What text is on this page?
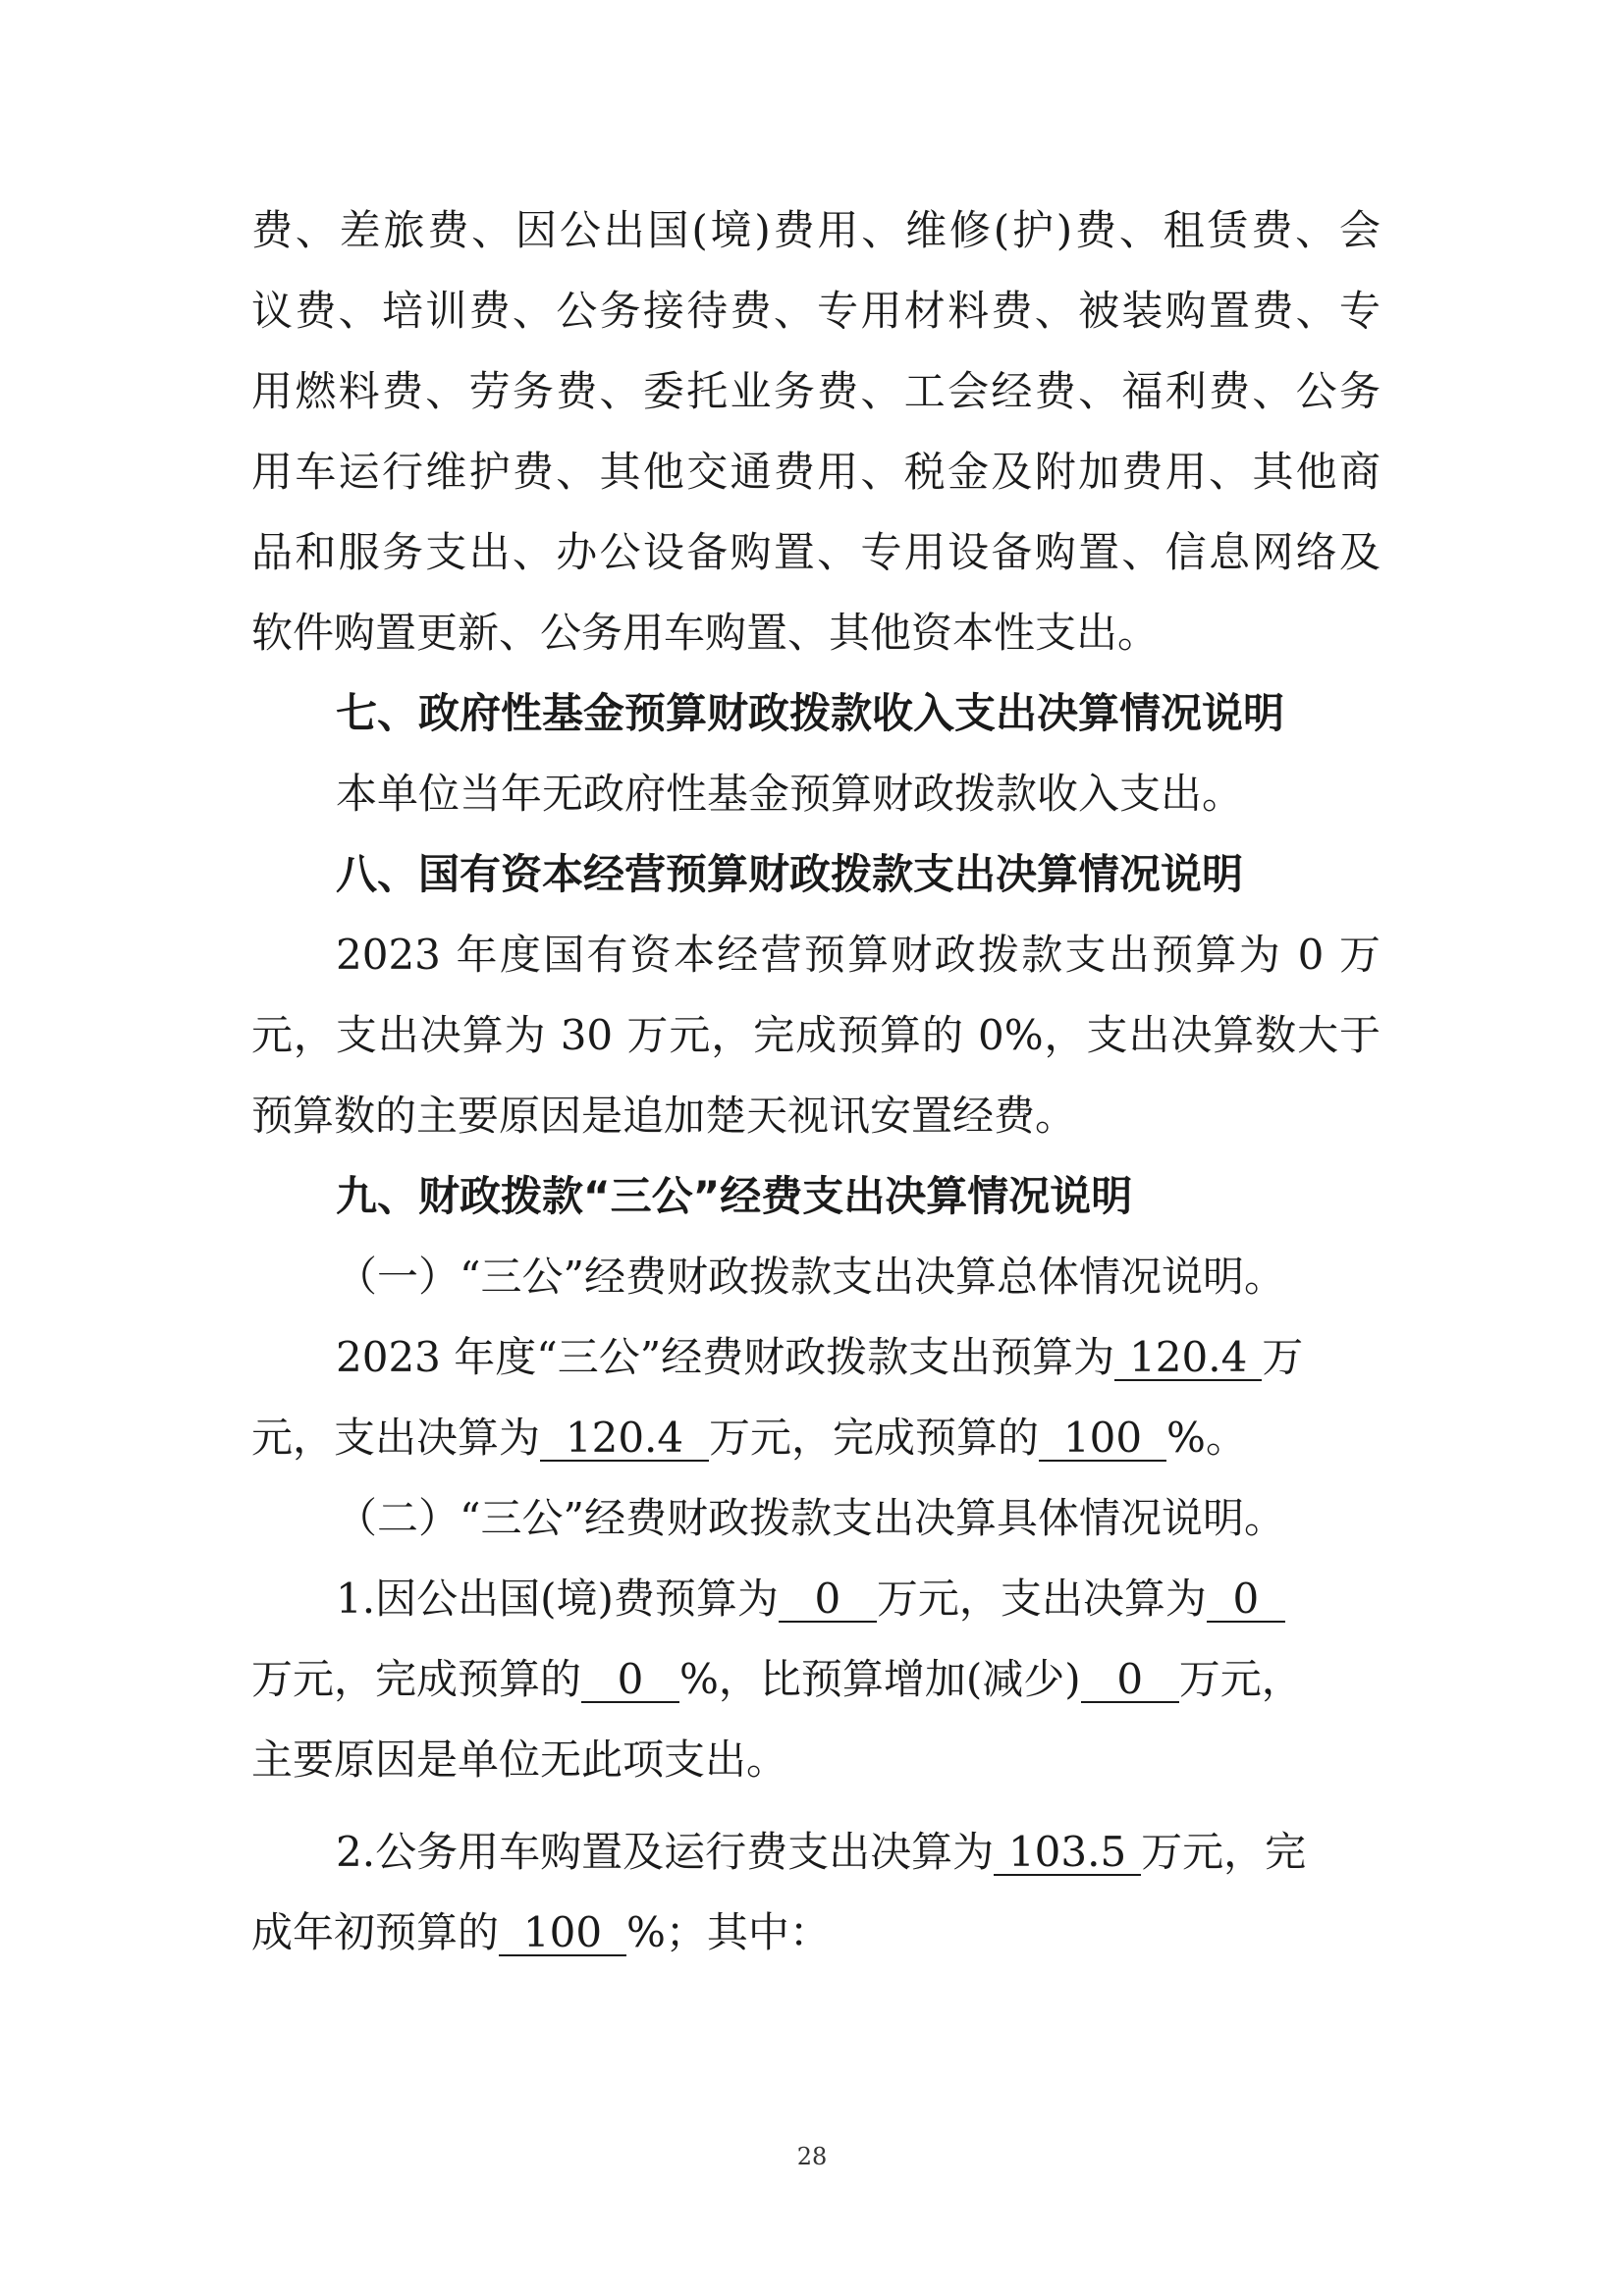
费、差旅费、因公出国(境)费用、维修(护)费、租赁费、会
议费、培训费、公务接待费、专用材料费、被装购置费、专
用燃料费、劳务费、委托业务费、工会经费、福利费、公务
用车运行维护费、其他交通费用、税金及附加费用、其他商
品和服务支出、办公设备购置、专用设备购置、信息网络及
软件购置更新、公务用车购置、其他资本性支出。
七、政府性基金预算财政拨款收入支出决算情况说明
本单位当年无政府性基金预算财政拨款收入支出。
八、国有资本经营预算财政拨款支出决算情况说明
2023 年度国有资本经营预算财政拨款支出预算为 0 万
元，支出决算为 30 万元，完成预算的 0%，支出决算数大于
预算数的主要原因是追加楚天视讯安置经费。
九、财政拨款“三公”经费支出决算情况说明
（一）“三公”经费财政拨款支出决算总体情况说明。
2023 年度“三公”经费财政拨款支出预算为 120.4 万
元，支出决算为 120.4 万元，完成预算的 100 %。
（二）“三公”经费财政拨款支出决算具体情况说明。
1.因公出国(境)费预算为 0 万元，支出决算为 0
万元，完成预算的 0 %，比预算增加(减少) 0 万元，
主要原因是单位无此项支出。
2.公务用车购置及运行费支出决算为 103.5 万元，完
成年初预算的 100 %；其中：
28
